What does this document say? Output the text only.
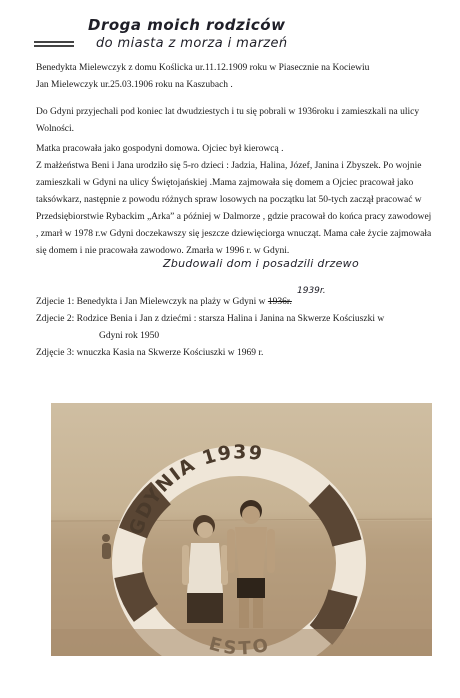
Droga moich rodziców
do miasta z morza i marzeń

Benedykta Mielewczyk z domu Koślicka ur.11.12.1909 roku w Piasecznie na Kociewiu

Jan Mielewczyk ur.25.03.1906 roku na Kaszubach .

Do Gdyni przyjechali pod koniec lat dwudziestych i tu się pobrali w 1936roku i zamieszkali na ulicy Wolności.

Matka pracowała jako gospodyni domowa. Ojciec był kierowcą .

Z małżeństwa Beni i Jana urodziło się 5-ro dzieci : Jadzia, Halina, Józef, Janina i Zbyszek. Po wojnie zamieszkali w Gdyni na ulicy Świętojańskiej .Mama zajmowała się domem a Ojciec pracował jako taksówkarz, następnie z powodu różnych spraw losowych na początku lat 50-tych zaczął pracować w Przedsiębiorstwie Rybackim „Arka” a później w Dalmorze , gdzie pracował do końca pracy zawodowej , zmarł w 1978 r.w Gdyni doczekawszy się jeszcze dziewięciorga wnucząt. Mama całe życie zajmowała się domem i nie pracowała zawodowo. Zmarła w 1996 r. w Gdyni.

Zbudowali dom i posadzili drzewo

Zdjecie 1: Benedykta i Jan Mielewczyk na plaży w Gdyni w 1936r.

Zdjecie 2: Rodzice Benia i Jan z dziećmi : starsza Halina i Janina na Skwerze Kościuszki w

Gdyni rok 1950

Zdjęcie 3: wnuczka Kasia na Skwerze Kościuszki w 1969 r.

1939r.
GDYNIA 1939
